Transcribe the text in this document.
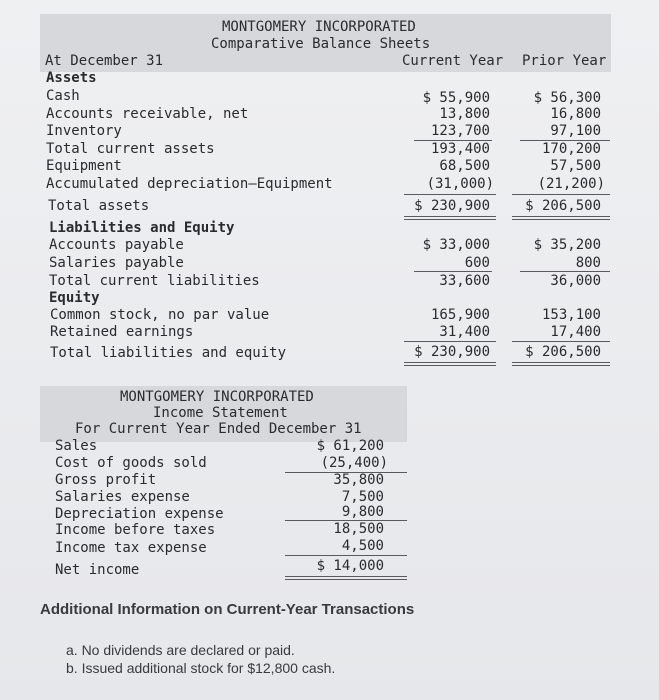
MONTGOMERY INCORPORATED
Comparative Balance Sheets
At December 31	Current Year Prior Year
Assets
Cash	$ 55,900	$ 56,300
Accounts receivable, net	13,800	16,800
Inventory	123,700	97,100
Total current assets	193,400	170,200
Equipment	68,500	57,500
Accumulated depreciation—Equipment	(31,000)	(21,200)
Total assets	$ 230,900	$ 206,500
Liabilities and Equity
Accounts payable	$ 33,000	$ 35,200
Salaries payable	600	800
Total current liabilities	33,600	36,000
Equity
Common stock, no par value	165,900	153,100
Retained earnings	31,400	17,400
Total liabilities and equity	$ 230,900	$ 206,500
MONTGOMERY INCORPORATED
Income Statement
For Current Year Ended December 31
Sales	$ 61,200
Cost of goods sold	(25,400)
Gross profit	35,800
Salaries expense	7,500
Depreciation expense	9,800
Income before taxes	18,500
Income tax expense	4,500
Net income	$ 14,000
Additional Information on Current-Year Transactions
a. No dividends are declared or paid.
b. Issued additional stock for $12,800 cash.
